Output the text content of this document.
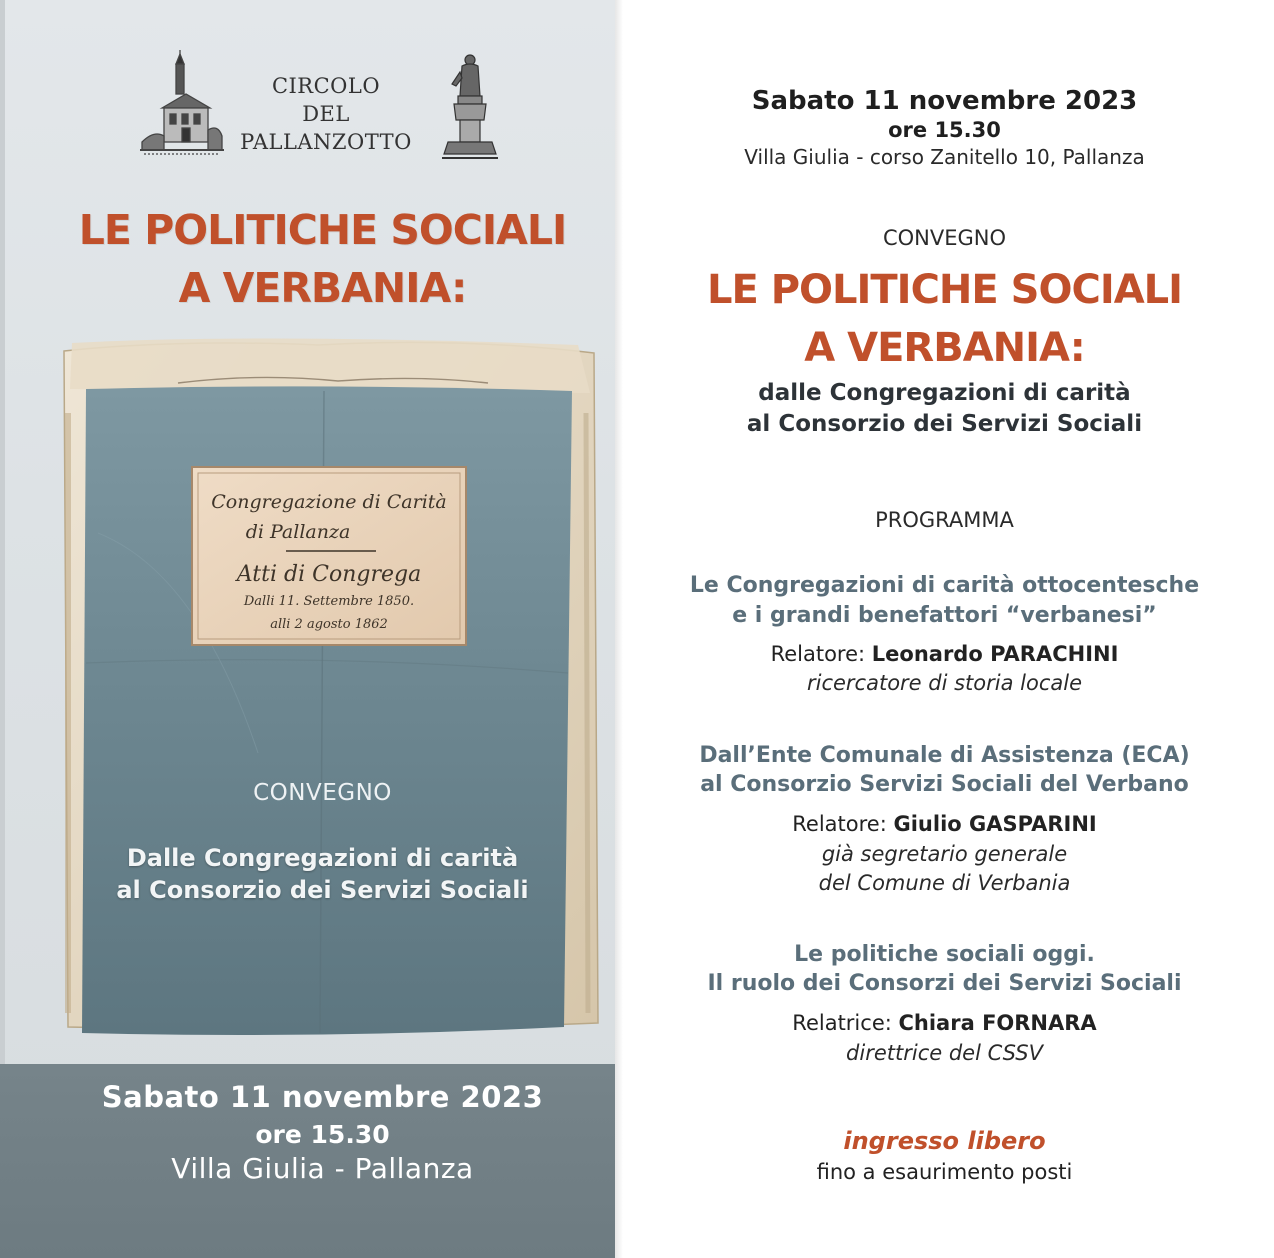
CIRCOLO
DEL
PALLANZOTTO
LE POLITICHE SOCIALI
A VERBANIA:
Congregazione di Carità
di Pallanza
Atti di Congrega
Dalli 11. Settembre 1850.
alli 2 agosto 1862
CONVEGNO
Dalle Congregazioni di carità
al Consorzio dei Servizi Sociali
Sabato 11 novembre 2023
ore 15.30
Villa Giulia - Pallanza
Sabato 11 novembre 2023
ore 15.30
Villa Giulia - corso Zanitello 10, Pallanza
CONVEGNO
LE POLITICHE SOCIALI
A VERBANIA:
dalle Congregazioni di carità
al Consorzio dei Servizi Sociali
PROGRAMMA
Le Congregazioni di carità ottocentesche
e i grandi benefattori “verbanesi”
Relatore: Leonardo PARACHINI
ricercatore di storia locale
Dall’Ente Comunale di Assistenza (ECA)
al Consorzio Servizi Sociali del Verbano
Relatore: Giulio GASPARINI
già segretario generale
del Comune di Verbania
Le politiche sociali oggi.
Il ruolo dei Consorzi dei Servizi Sociali
Relatrice: Chiara FORNARA
direttrice del CSSV
ingresso libero
fino a esaurimento posti
